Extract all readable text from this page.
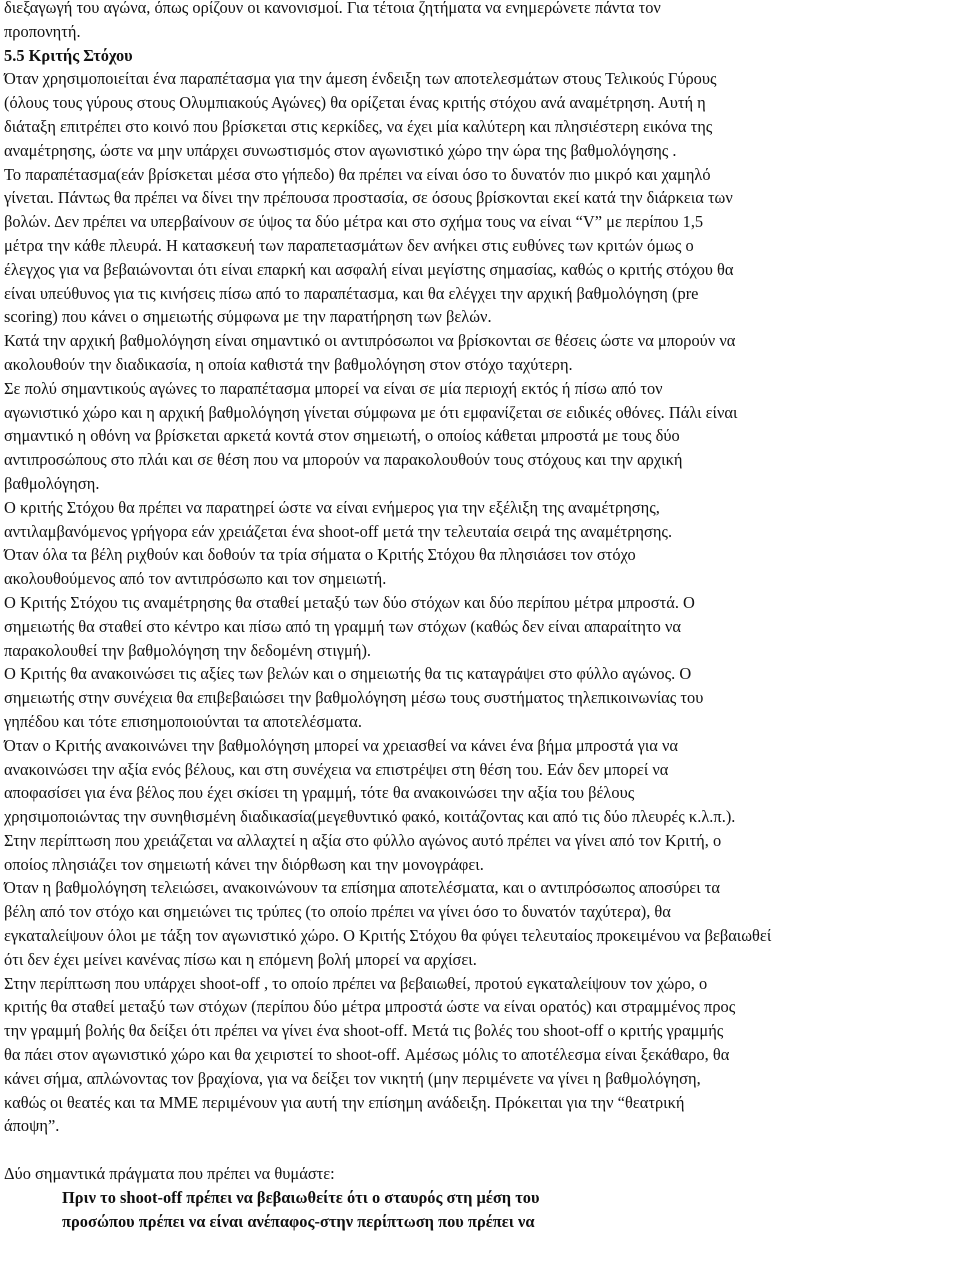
διεξαγωγή του αγώνα, όπως ορίζουν οι κανονισμοί. Για τέτοια ζητήματα να ενημερώνετε πάντα τον
προπονητή.
5.5 Κριτής Στόχου
Όταν χρησιμοποιείται ένα παραπέτασμα για την άμεση ένδειξη των αποτελεσμάτων στους Τελικούς Γύρους
(όλους τους γύρους στους Ολυμπιακούς Αγώνες) θα ορίζεται ένας κριτής στόχου ανά αναμέτρηση. Αυτή η
διάταξη επιτρέπει στο κοινό που βρίσκεται στις κερκίδες, να έχει μία καλύτερη και πλησιέστερη εικόνα της
αναμέτρησης, ώστε να μην υπάρχει συνωστισμός στον αγωνιστικό χώρο την ώρα της βαθμολόγησης .
Το παραπέτασμα(εάν βρίσκεται μέσα στο γήπεδο) θα πρέπει να είναι όσο το δυνατόν πιο μικρό και χαμηλό
γίνεται. Πάντως θα πρέπει να δίνει την πρέπουσα προστασία, σε όσους βρίσκονται εκεί κατά την διάρκεια των
βολών. Δεν πρέπει να υπερβαίνουν σε ύψος τα δύο μέτρα και στο σχήμα τους να είναι “V” με περίπου 1,5
μέτρα την κάθε πλευρά. Η κατασκευή των παραπετασμάτων δεν ανήκει στις ευθύνες των κριτών όμως ο
έλεγχος για να βεβαιώνονται ότι είναι επαρκή και ασφαλή είναι μεγίστης σημασίας, καθώς ο κριτής στόχου θα
είναι υπεύθυνος για τις κινήσεις πίσω από το παραπέτασμα, και θα ελέγχει την αρχική βαθμολόγηση (pre
scoring) που κάνει ο σημειωτής σύμφωνα με την παρατήρηση των βελών.
Κατά την αρχική βαθμολόγηση είναι σημαντικό οι αντιπρόσωποι να βρίσκονται σε θέσεις ώστε να μπορούν να
ακολουθούν την διαδικασία, η οποία καθιστά την βαθμολόγηση στον στόχο ταχύτερη.
Σε πολύ σημαντικούς αγώνες το παραπέτασμα μπορεί να είναι σε μία περιοχή εκτός ή πίσω από τον
αγωνιστικό χώρο και η αρχική βαθμολόγηση γίνεται σύμφωνα με ότι εμφανίζεται σε ειδικές οθόνες. Πάλι είναι
σημαντικό η οθόνη να βρίσκεται αρκετά κοντά στον σημειωτή, ο οποίος κάθεται μπροστά με τους δύο
αντιπροσώπους στο πλάι και σε θέση που να μπορούν να παρακολουθούν τους στόχους και την αρχική
βαθμολόγηση.
Ο κριτής Στόχου θα πρέπει να παρατηρεί ώστε να είναι ενήμερος για την εξέλιξη της αναμέτρησης,
αντιλαμβανόμενος γρήγορα εάν χρειάζεται ένα shoot-off μετά την τελευταία σειρά της αναμέτρησης.
Όταν όλα τα βέλη ριχθούν και δοθούν τα τρία σήματα ο Κριτής Στόχου θα πλησιάσει τον στόχο
ακολουθούμενος από τον αντιπρόσωπο και τον σημειωτή.
Ο Κριτής Στόχου τις αναμέτρησης θα σταθεί μεταξύ των δύο στόχων και δύο περίπου μέτρα μπροστά. Ο
σημειωτής θα σταθεί στο κέντρο και πίσω από τη γραμμή των στόχων (καθώς δεν είναι απαραίτητο να
παρακολουθεί την βαθμολόγηση την δεδομένη στιγμή).
Ο Κριτής θα ανακοινώσει τις αξίες των βελών και ο σημειωτής θα τις καταγράψει στο φύλλο αγώνος. Ο
σημειωτής στην συνέχεια θα επιβεβαιώσει την βαθμολόγηση μέσω τους συστήματος τηλεπικοινωνίας του
γηπέδου και τότε επισημοποιούνται τα αποτελέσματα.
Όταν ο Κριτής ανακοινώνει την βαθμολόγηση μπορεί να χρειασθεί να κάνει ένα βήμα μπροστά για να
ανακοινώσει την αξία ενός βέλους, και στη συνέχεια να επιστρέψει στη θέση του. Εάν δεν μπορεί να
αποφασίσει για ένα βέλος που έχει σκίσει τη γραμμή, τότε θα ανακοινώσει την αξία του βέλους
χρησιμοποιώντας την συνηθισμένη διαδικασία(μεγεθυντικό φακό, κοιτάζοντας και από τις δύο πλευρές κ.λ.π.).
Στην περίπτωση που χρειάζεται να αλλαχτεί η αξία στο φύλλο αγώνος αυτό πρέπει να γίνει από τον Κριτή, ο
οποίος πλησιάζει τον σημειωτή κάνει την διόρθωση και την μονογράφει.
Όταν η βαθμολόγηση τελειώσει, ανακοινώνουν τα επίσημα αποτελέσματα, και ο αντιπρόσωπος αποσύρει τα
βέλη από τον στόχο και σημειώνει τις τρύπες (το οποίο πρέπει να γίνει όσο το δυνατόν ταχύτερα), θα
εγκαταλείψουν όλοι με τάξη τον αγωνιστικό χώρο. Ο Κριτής Στόχου θα φύγει τελευταίος προκειμένου να βεβαιωθεί
ότι δεν έχει μείνει κανένας πίσω και η επόμενη βολή μπορεί να αρχίσει.
Στην περίπτωση που υπάρχει shoot-off , το οποίο πρέπει να βεβαιωθεί, προτού εγκαταλείψουν τον χώρο, ο
κριτής θα σταθεί μεταξύ των στόχων (περίπου δύο μέτρα μπροστά ώστε να είναι ορατός) και στραμμένος προς
την γραμμή βολής θα δείξει ότι πρέπει να γίνει ένα shoot-off. Μετά τις βολές του shoot-off ο κριτής γραμμής
θα πάει στον αγωνιστικό χώρο και θα χειριστεί το shoot-off. Αμέσως μόλις το αποτέλεσμα είναι ξεκάθαρο, θα
κάνει σήμα, απλώνοντας τον βραχίονα, για να δείξει τον νικητή (μην περιμένετε να γίνει η βαθμολόγηση,
καθώς οι θεατές και τα ΜΜΕ περιμένουν για αυτή την επίσημη ανάδειξη. Πρόκειται για την “θεατρική
άποψη”.
Δύο σημαντικά πράγματα που πρέπει να θυμάστε:
Πριν το shoot-off πρέπει να βεβαιωθείτε ότι ο σταυρός στη μέση του
προσώπου πρέπει να είναι ανέπαφος-στην περίπτωση που πρέπει να
